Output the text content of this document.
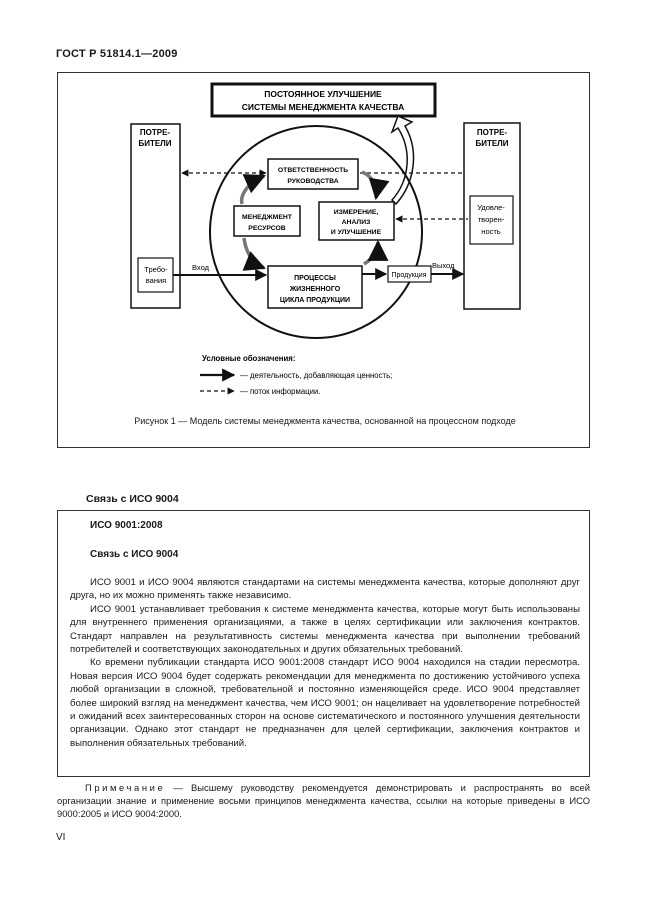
ГОСТ Р 51814.1—2009
ПОСТОЯННОЕ УЛУЧШЕНИЕ
СИСТЕМЫ МЕНЕДЖМЕНТА КАЧЕСТВА
ПОТРЕ-
БИТЕЛИ
Требо-
вания
ПОТРЕ-
БИТЕЛИ
Удовле-
творен-
ность
ОТВЕТСТВЕННОСТЬ
РУКОВОДСТВА
МЕНЕДЖМЕНТ
РЕСУРСОВ
ИЗМЕРЕНИЕ,
АНАЛИЗ
И УЛУЧШЕНИЕ
ПРОЦЕССЫ
ЖИЗНЕННОГО
ЦИКЛА ПРОДУКЦИИ
Продукция
Вход	Выход
Условные обозначения:
— деятельность, добавляющая ценность;
— поток информации.
Рисунок 1 — Модель системы менеджмента качества, основанной на процессном подходе
Связь с ИСО 9004
ИСО 9001:2008
Связь с ИСО 9004

ИСО 9001 и ИСО 9004 являются стандартами на системы менеджмента качества, которые дополняют друг друга, но их можно применять также независимо.

ИСО 9001 устанавливает требования к системе менеджмента качества, которые могут быть использованы для внутреннего применения организациями, а также в целях сертификации или заключения контрактов. Стандарт направлен на результативность системы менеджмента качества при выполнении требований потребителей и соответствующих законодательных и других обязательных требований.

Ко времени публикации стандарта ИСО 9001:2008 стандарт ИСО 9004 находился на стадии пересмотра. Новая версия ИСО 9004 будет содержать рекомендации для менеджмента по достижению устойчивого успеха любой организации в сложной, требовательной и постоянно изменяющейся среде. ИСО 9004 представляет более широкий взгляд на менеджмент качества, чем ИСО 9001; он нацеливает на удовлетворение потребностей и ожиданий всех заинтересованных сторон на основе систематического и постоянного улучшения деятельности организации. Однако этот стандарт не предназначен для целей сертификации, заключения контрактов и выполнения обязательных требований.

Примечание — Высшему руководству рекомендуется демонстрировать и распространять во всей организации знание и применение восьми принципов менеджмента качества, ссылки на которые приведены в ИСО 9000:2005 и ИСО 9004:2000.

VI
